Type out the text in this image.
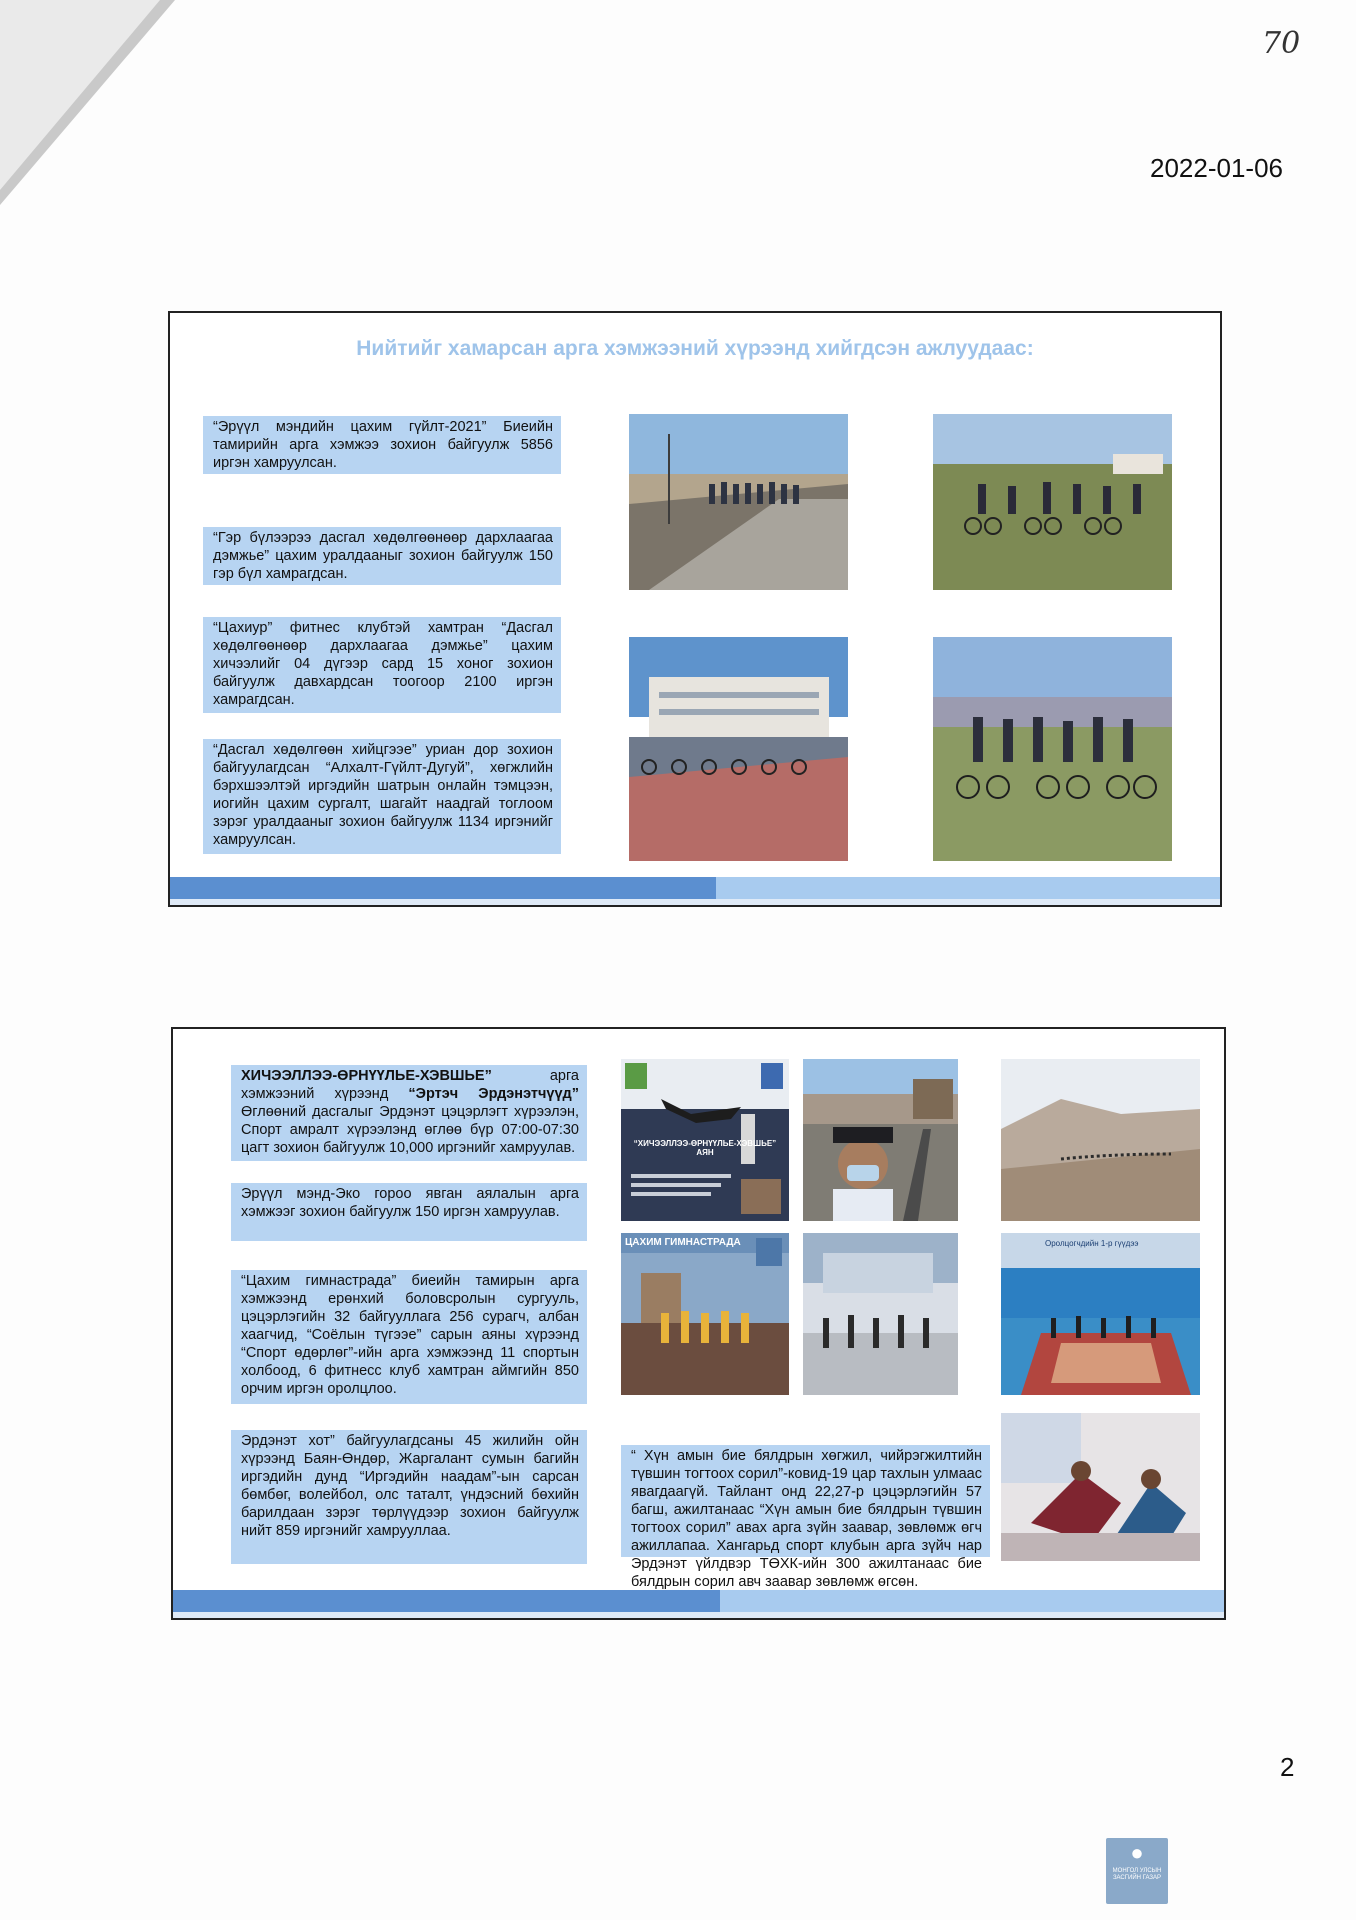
70
2022-01-06
Нийтийг хамарсан арга хэмжээний хүрээнд хийгдсэн ажлуудаас:
“Эрүүл мэндийн цахим гүйлт-2021” Биеийн тамирийн арга хэмжээ зохион байгуулж 5856 иргэн хамруулсан.
“Гэр бүлээрээ дасгал хөдөлгөөнөөр дархлаагаа дэмжье” цахим уралдааныг зохион байгуулж 150 гэр бүл хамрагдсан.
“Цахиур” фитнес клубтэй хамтран “Дасгал хөдөлгөөнөөр дархлаагаа дэмжье” цахим хичээлийг 04 дүгээр сард 15 хоног зохион байгуулж давхардсан тоогоор 2100 иргэн хамрагдсан.
“Дасгал хөдөлгөөн хийцгээе” уриан дор зохион байгуулагдсан “Алхалт-Гүйлт-Дугуй”, хөгжлийн бэрхшээлтэй иргэдийн шатрын онлайн тэмцээн, иогийн цахим сургалт, шагайт наадгай тоглоом зэрэг уралдааныг зохион байгуулж 1134 иргэнийг хамруулсан.
ХИЧЭЭЛЛЭЭ-ӨРНҮҮЛЬЕ-ХЭВШЬЕ” арга хэмжээний хүрээнд “Эртэч Эрдэнэтчүүд” Өглөөний дасгалыг Эрдэнэт цэцэрлэгт хүрээлэн, Спорт амралт хүрээлэнд өглөө бүр 07:00-07:30 цагт зохион байгуулж 10,000 иргэнийг хамруулав.
Эрүүл мэнд-Эко гороо явган аялалын арга хэмжээг зохион байгуулж 150 иргэн хамруулав.
“Цахим гимнастрада” биеийн тамирын арга хэмжээнд ерөнхий боловсролын сургууль, цэцэрлэгийн 32 байгууллага 256 сурагч, албан хаагчид, “Соёлын түгээе” сарын аяны хүрээнд “Спорт өдөрлөг”-ийн арга хэмжээнд 11 спортын холбоод, 6 фитнесс клуб хамтран аймгийн 850 орчим иргэн оролцлоо.
Эрдэнэт хот” байгуулагдсаны 45 жилийн ойн хүрээнд Баян-Өндөр, Жаргалант сумын багийн иргэдийн дунд “Иргэдийн наадам”-ын сарсан бөмбөг, волейбол, олс таталт, үндэсний бөхийн барилдаан зэрэг төрлүүдээр зохион байгуулж нийт 859 иргэнийг хамрууллаа.
“ Хүн амын бие бялдрын хөгжил, чийрэгжилтийн түвшин тогтоох сорил”-ковид-19 цар тахлын улмаас явагдаагүй. Тайлант онд 22,27-р цэцэрлэгийн 57 багш, ажилтанаас “Хүн амын бие бялдрын түвшин тогтоох сорил” авах арга зүйн заавар, зөвлөмж өгч ажиллапаа. Хангарьд спорт клубын арга зүйч нар Эрдэнэт үйлдвэр ТӨХК-ийн 300 ажилтанаас бие бялдрын сорил авч заавар зөвлөмж өгсөн.
“ХИЧЭЭЛЛЭЭ-ӨРНҮҮЛЬЕ-ХЭВШЬЕ” АЯН
ЦАХИМ ГИМНАСТРАДА	Оролцогчдийн 1-р гүүдээ
2
●
МОНГОЛ УЛСЫН ЗАСГИЙН ГАЗАР
